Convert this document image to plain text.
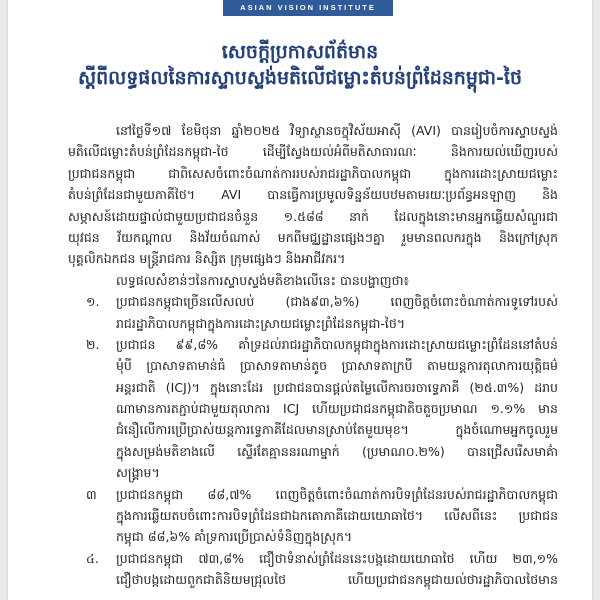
ASIAN VISION INSTITUTE
សេចក្តីប្រកាសព័ត៌មាន
ស្តីពីលទ្ធផលនៃការស្ទាបស្ទង់មតិលើជម្លោះតំបន់ព្រំដែនកម្ពុជា-ថៃ
នៅថ្ងៃទី១៧ ខែមិថុនា ឆ្នាំ២០២៥ វិទ្យាស្ថានចក្ខុវិស័យអាស៊ី (AVI) បានរៀបចំការស្ទាបស្ទង់
មតិលើជម្លោះតំបន់ព្រំដែនកម្ពុជា-ថៃ ដើម្បីស្វែងយល់អំពីមតិសាធារណៈ និងការយល់ឃើញរបស់
ប្រជាជនកម្ពុជា ជាពិសេសចំពោះចំណាត់ការរបស់រាជរដ្ឋាភិបាលកម្ពុជា ក្នុងការដោះស្រាយជម្លោះ
តំបន់ព្រំដែនជាមួយភាគីថៃ។ AVI បានធ្វើការប្រមូលទិន្នន័យបឋមតាមរយៈប្រព័ន្ធអនឡាញ និង
សម្ភាសន៍ដោយផ្ទាល់ជាមួយប្រជាជនចំនួន ១.៥៨៨ នាក់ ដែលក្នុងនោះមានអ្នកឆ្លើយសំណួរជា
យុវជន វ័យកណ្តាល និងវ័យចំណាស់ មកពីមជ្ឈដ្ឋានផ្សេងៗគ្នា រួមមានពលករក្នុង និងក្រៅស្រុក
បុគ្គលិកឯកជន មន្ត្រីរាជការ និស្សិត ក្រុមផ្សេងៗ និងអាជីវករ។
លទ្ធផលសំខាន់ៗនៃការស្ទាបស្ទង់មតិខាងលើនេះ បានបង្ហាញថា៖
១.	ប្រជាជនកម្ពុជាច្រើនលើសលប់ (ជាង៩៣,៦%) ពេញចិត្តចំពោះចំណាត់ការទូទៅរបស់
រាជរដ្ឋាភិបាលកម្ពុជាក្នុងការដោះស្រាយជម្លោះព្រំដែនកម្ពុជា-ថៃ។
២.	ប្រជាជន ៩៩,៨% គាំទ្រដល់រាជរដ្ឋាភិបាលកម្ពុជាក្នុងការដោះស្រាយជម្លោះព្រំដែននៅតំបន់
មុំបី ប្រាសាទតាមាន់ធំ ប្រាសាទតាមាន់តូច ប្រាសាទតាក្របី តាមយន្តការតុលាការយុត្តិធម៌
អន្តរជាតិ (ICJ)។ ក្នុងនោះដែរ ប្រជាជនបានផ្តល់តម្លៃលើការចរចាទ្វេភាគី (២៥.៣%) ដរាប
ណាមានការតភ្ជាប់ជាមួយតុលាការ ICJ ហើយប្រជាជនកម្ពុជាតិចតួចប្រមាណ ១.១% មាន
ជំនឿលើការប្រើប្រាស់យន្តការទ្វេភាគីដែលមានស្រាប់តែមួយមុខ។ ក្នុងចំណោមអ្នកចូលរួម
ក្នុងសម្រង់មតិខាងលើ ស្ទើរតែគ្មាននរណាម្នាក់ (ប្រមាណ០.២%) បានជ្រើសរើសមាគ៌ា
សង្គ្រាម។
៣	ប្រជាជនកម្ពុជា ៨៨,៧% ពេញចិត្តចំពោះចំណាត់ការបិទព្រំដែនរបស់រាជរដ្ឋាភិបាលកម្ពុជា
ក្នុងការឆ្លើយតបចំពោះការបិទព្រំដែនជាឯកតោភាគីដោយយោធាថៃ។ លើសពីនេះ ប្រជាជន
កម្ពុជា ៨៨,៦% គាំទ្រការប្រើប្រាស់ទំនិញក្នុងស្រុក។
៤.	ប្រជាជនកម្ពុជា ៧៣,៨% ជឿថាទំនាស់ព្រំដែននេះបង្កដោយយោធាថៃ ហើយ ២៣,១%
ជឿថាបង្កដោយពួកជាតិនិយមជ្រុលថៃ ហើយប្រជាជនកម្ពុជាយល់ថារដ្ឋាភិបាលថៃមាន
